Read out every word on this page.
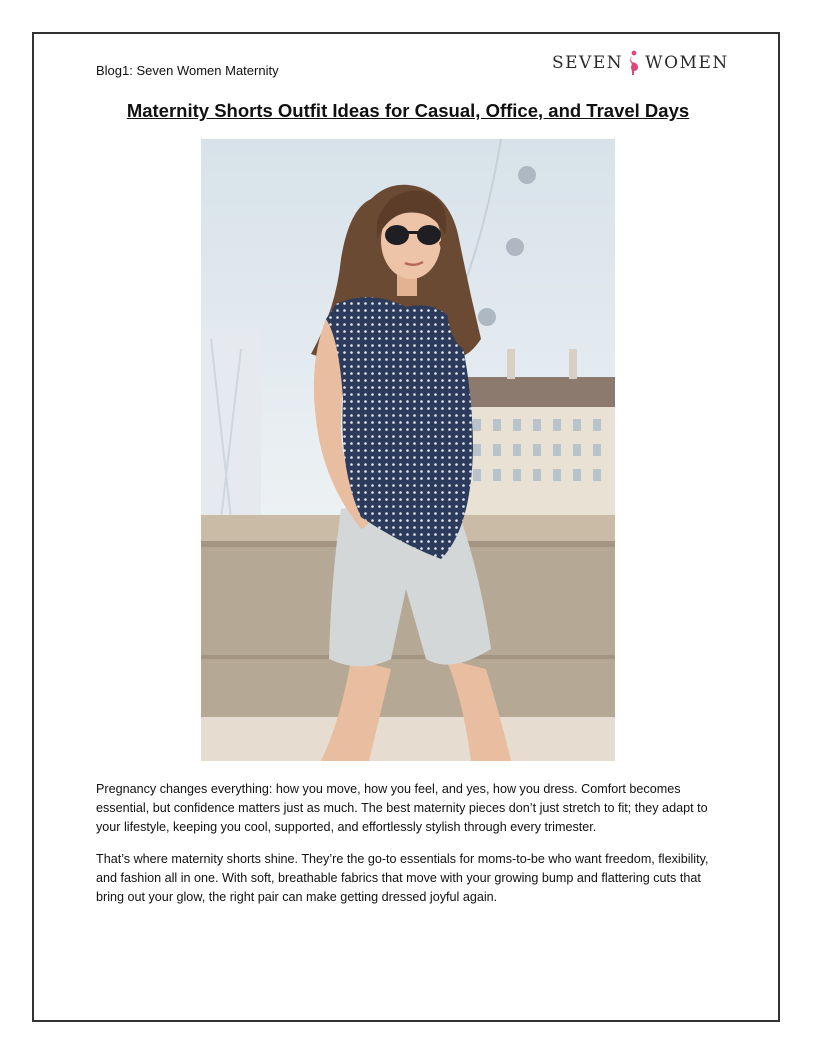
Blog1: Seven Women Maternity	SEVEN WOMEN
Maternity Shorts Outfit Ideas for Casual, Office, and Travel Days

Pregnancy changes everything: how you move, how you feel, and yes, how you dress. Comfort becomes essential, but confidence matters just as much. The best maternity pieces don’t just stretch to fit; they adapt to your lifestyle, keeping you cool, supported, and effortlessly stylish through every trimester.

That’s where maternity shorts shine. They’re the go-to essentials for moms-to-be who want freedom, flexibility, and fashion all in one. With soft, breathable fabrics that move with your growing bump and flattering cuts that bring out your glow, the right pair can make getting dressed joyful again.
